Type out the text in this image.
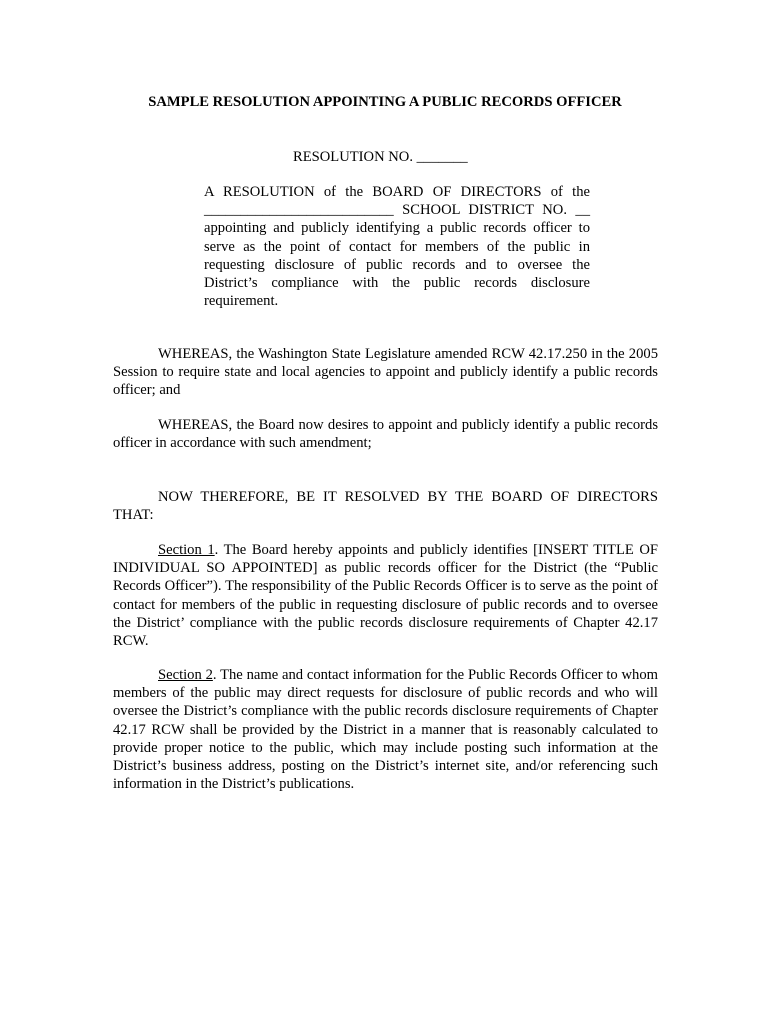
SAMPLE RESOLUTION APPOINTING A PUBLIC RECORDS OFFICER
RESOLUTION NO. _______
A RESOLUTION of the BOARD OF DIRECTORS of the
__________________________ SCHOOL DISTRICT NO. __
appointing and publicly identifying a public records officer to serve as the point of contact for members of the public in requesting disclosure of public records and to oversee the District’s compliance with the public records disclosure requirement.
WHEREAS, the Washington State Legislature amended RCW 42.17.250 in the 2005 Session to require state and local agencies to appoint and publicly identify a public records officer; and
WHEREAS, the Board now desires to appoint and publicly identify a public records officer in accordance with such amendment;
NOW THEREFORE, BE IT RESOLVED BY THE BOARD OF DIRECTORS THAT:
Section 1. The Board hereby appoints and publicly identifies [INSERT TITLE OF INDIVIDUAL SO APPOINTED] as public records officer for the District (the “Public Records Officer”). The responsibility of the Public Records Officer is to serve as the point of contact for members of the public in requesting disclosure of public records and to oversee the District’ compliance with the public records disclosure requirements of Chapter 42.17 RCW.
Section 2. The name and contact information for the Public Records Officer to whom members of the public may direct requests for disclosure of public records and who will oversee the District’s compliance with the public records disclosure requirements of Chapter 42.17 RCW shall be provided by the District in a manner that is reasonably calculated to provide proper notice to the public, which may include posting such information at the District’s business address, posting on the District’s internet site, and/or referencing such information in the District’s publications.
